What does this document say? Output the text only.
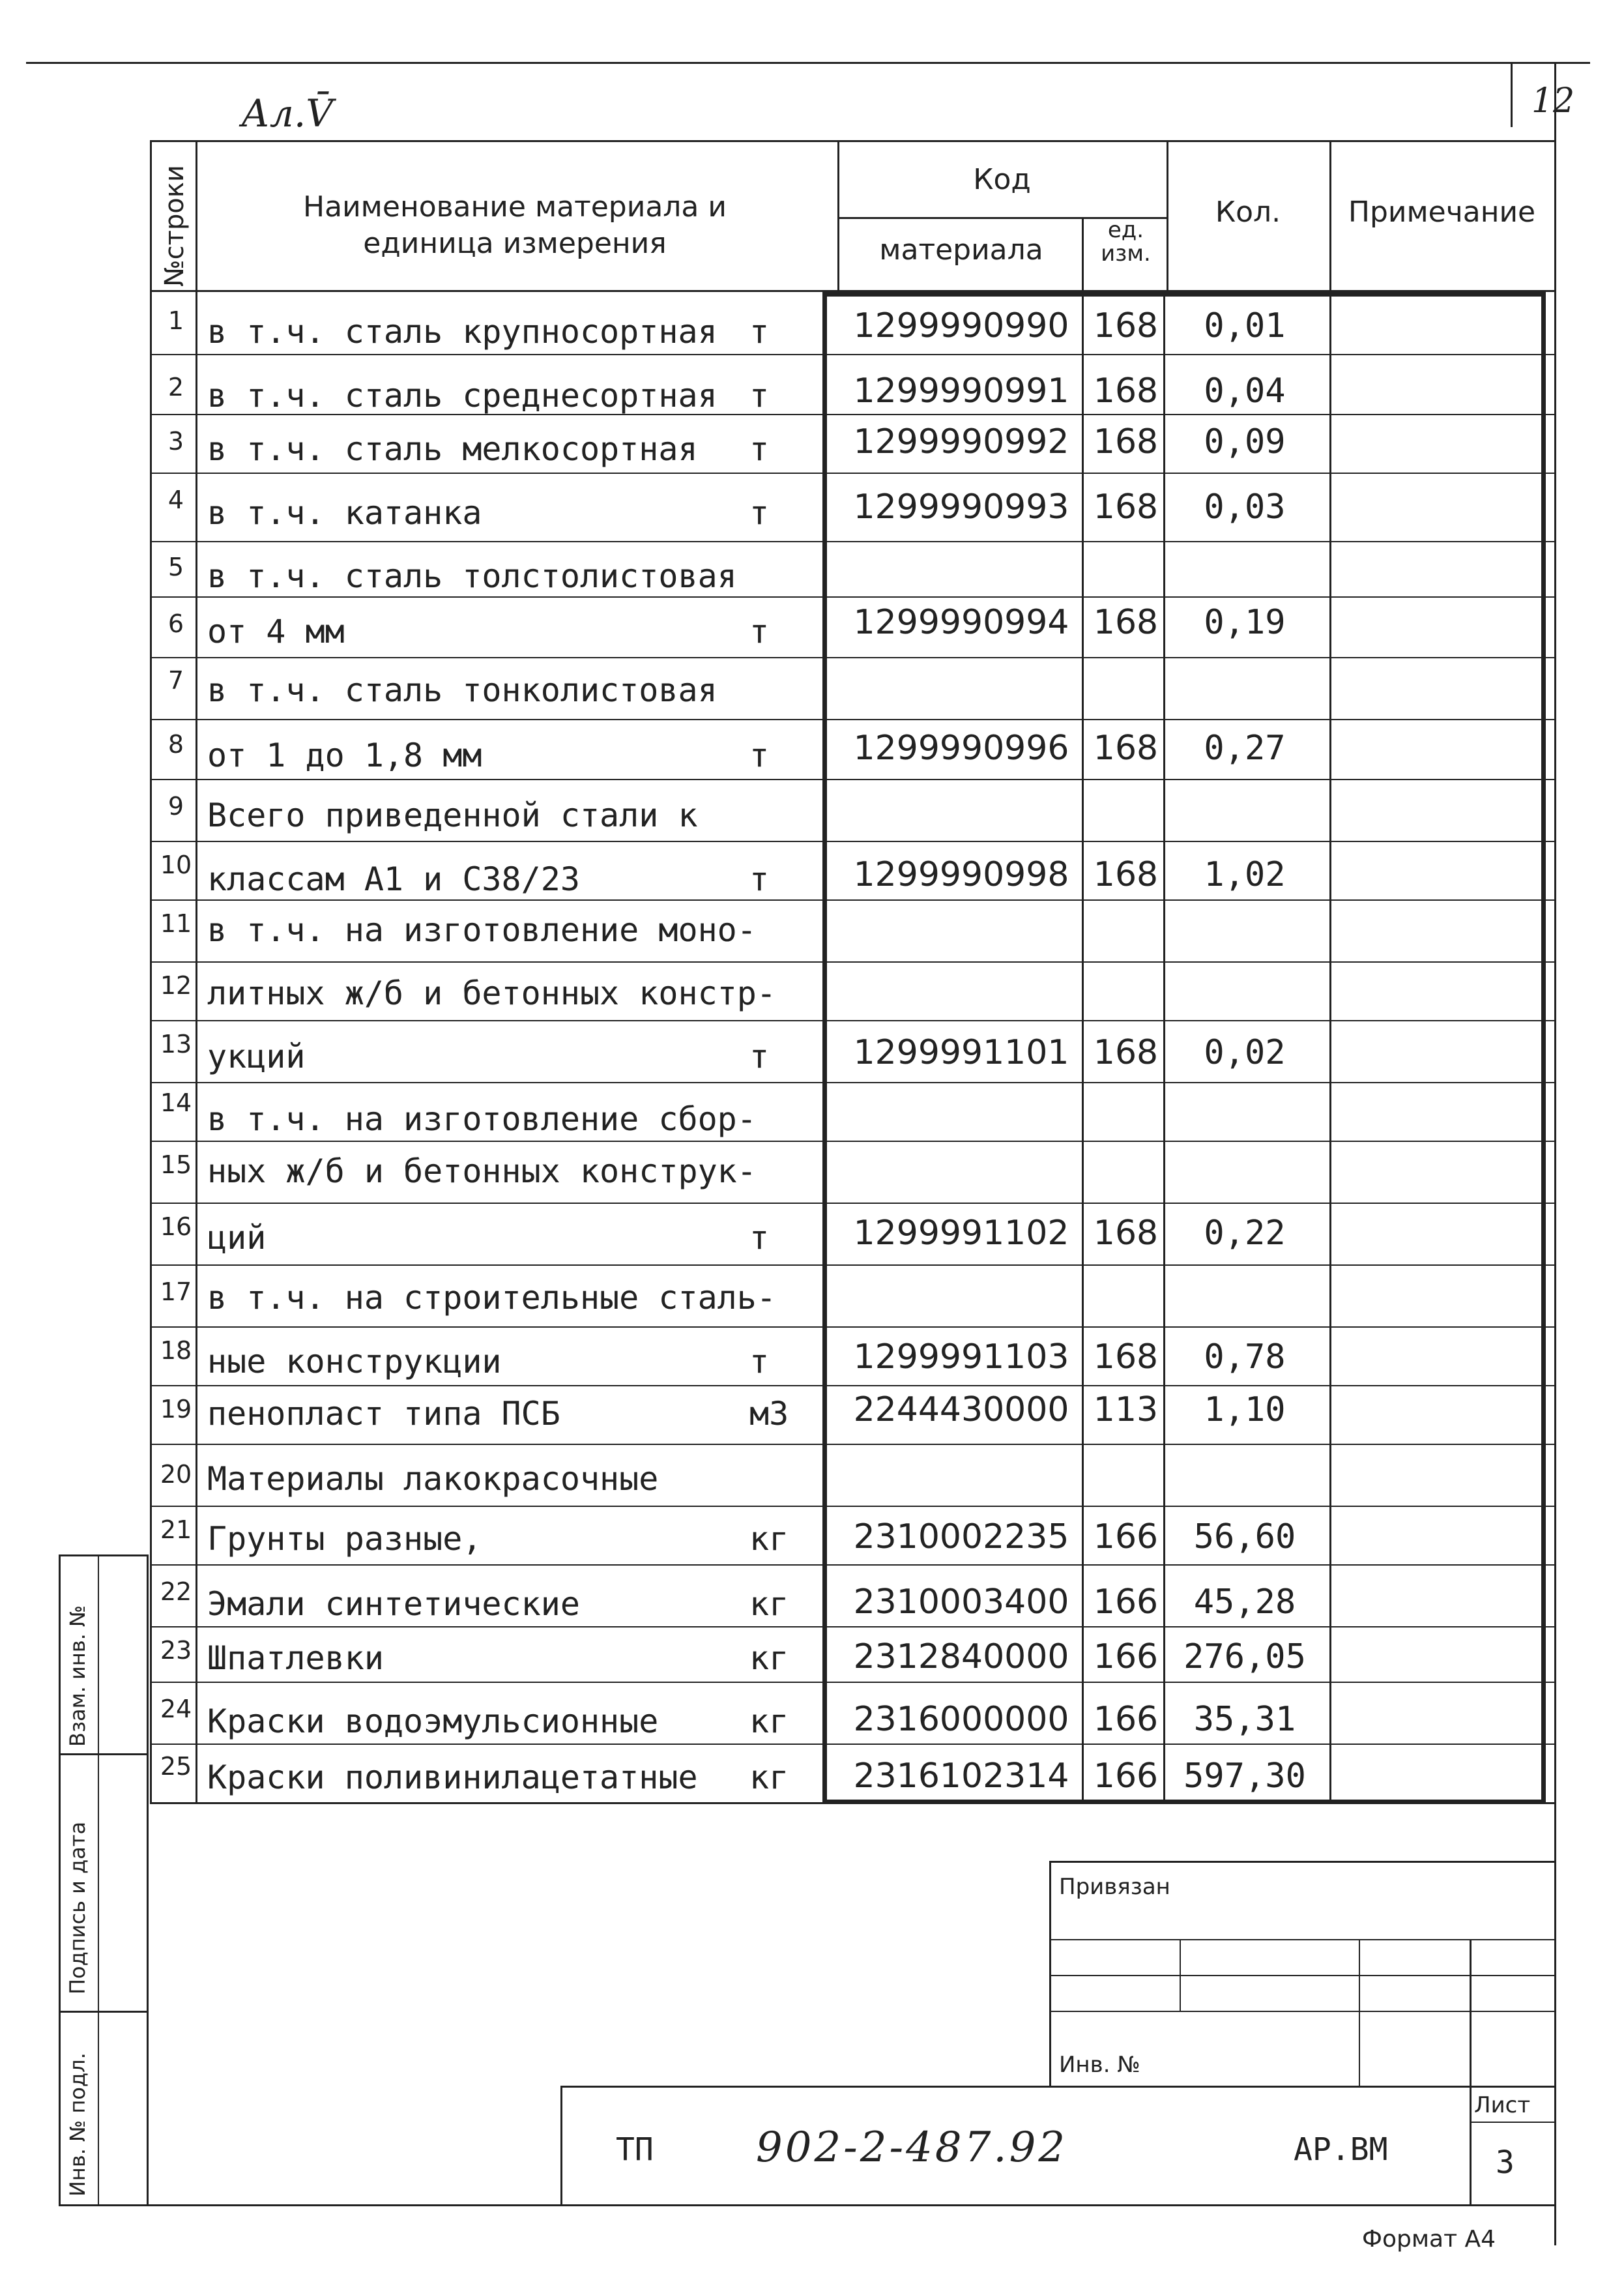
Ал.V̄	12
№строки	Наименование материала и единица измерения
Код
материала
ед. изм.
Кол.	Примечание
1 в т.ч. сталь крупносортная т	1299990990 168	0,01
2 в т.ч. сталь среднесортная т	1299990991 168	0,04
3 в т.ч. сталь мелкосортная т	1299990992 168	0,09
4 в т.ч. катанка	т	1299990993 168	0,03
5 в т.ч. сталь толстолистовая
6 от 4 мм	т	1299990994 168	0,19
7 в т.ч. сталь тонколистовая
8 от 1 до 1,8 мм	т	1299990996 168	0,27
9 Всего приведенной стали к
10 классам А1 и С38/23	т	1299990998 168	1,02
11 в т.ч. на изготовление моно-
12 литных ж/б и бетонных констр-
13 укций	т	1299991101 168	0,02
14 в т.ч. на изготовление сбор-
15 ных ж/б и бетонных конструк-
16 ций	т	1299991102 168	0,22
17 в т.ч. на строительные сталь-
18 ные конструкции	т	1299991103 168	0,78
19 пенопласт типа ПСБ	м3	2244430000 113	1,10
20 Материалы лакокрасочные
21 Грунты разные,	кг	2310002235 166	56,60
22 Эмали синтетические	кг	2310003400 166	45,28
23 Шпатлевки	кг	2312840000 166 276,05
24 Краски водоэмульсионные	кг	2316000000 166	35,31
25 Краски поливинилацетатные кг	2316102314 166 597,30
Взам. инв. №
Подпись и дата
Инв. № подл.
Привязан
Инв. №
ТП 902-2-487.92	АР.ВМ
Лист
3
Формат А4
